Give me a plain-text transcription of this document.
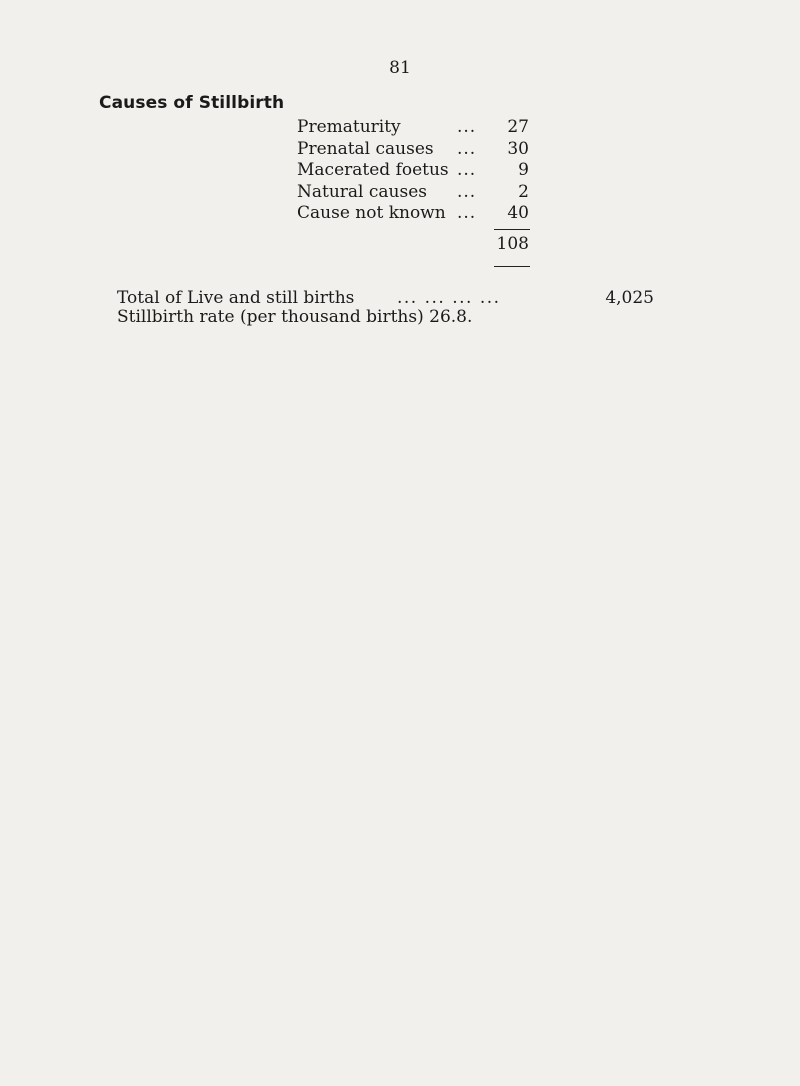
81
Causes of Stillbirth
Prematurity	... 27
Prenatal causes ... 30
Macerated foetus ... 9
Natural causes ... 2
Cause not known ... 40
108
Total of Live and still births	... ... ... ...	4,025
Stillbirth rate (per thousand births) 26.8.
